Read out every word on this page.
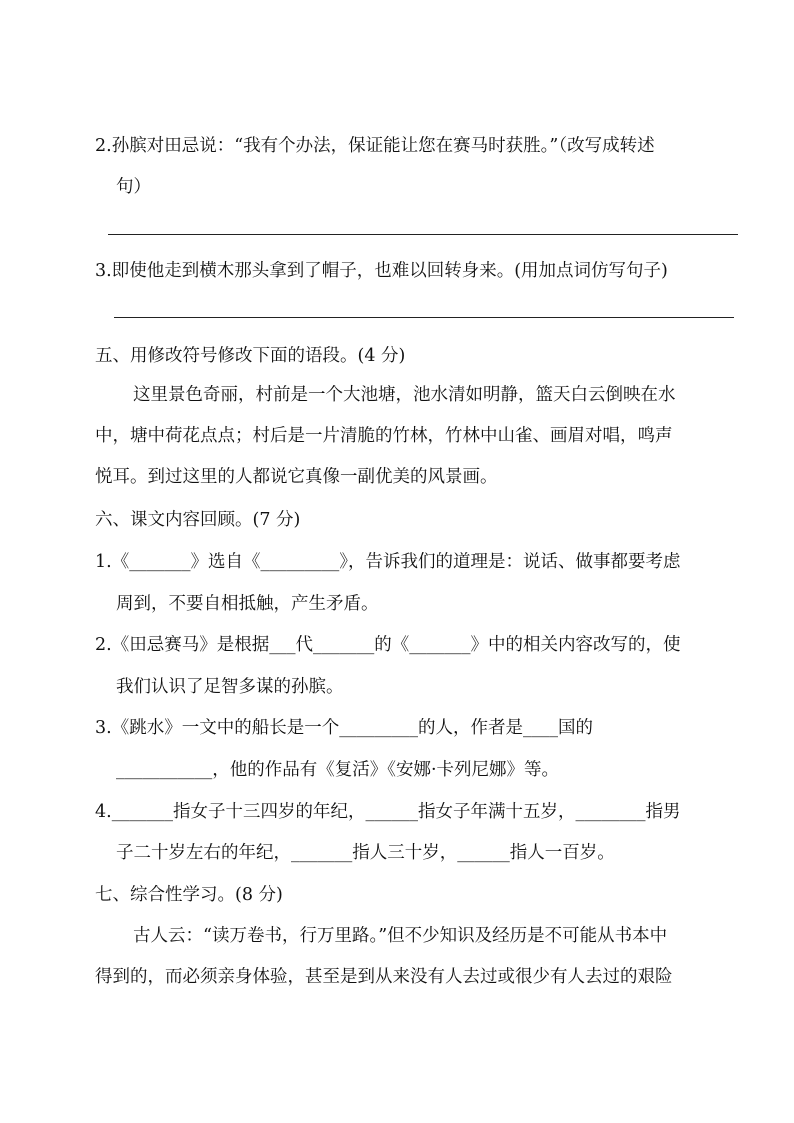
2.孙膑对田忌说：“我有个办法，保证能让您在赛马时获胜。”（改写成转述
句）
3.即使他走到横木那头拿到了帽子，也难以回转身来。(用加点词仿写句子)
五、用修改符号修改下面的语段。(4 分)
这里景色奇丽，村前是一个大池塘，池水清如明静，篮天白云倒映在水
中，塘中荷花点点；村后是一片清脆的竹林，竹林中山雀、画眉对唱，鸣声
悦耳。到过这里的人都说它真像一副优美的风景画。
六、课文内容回顾。(7 分)
1.《_______》选自《_________》，告诉我们的道理是：说话、做事都要考虑
周到，不要自相抵触，产生矛盾。
2.《田忌赛马》是根据___代_______的《_______》中的相关内容改写的，使
我们认识了足智多谋的孙膑。
3.《跳水》一文中的船长是一个_________的人，作者是____国的
___________，他的作品有《复活》《安娜·卡列尼娜》等。
4._______指女子十三四岁的年纪，______指女子年满十五岁，________指男
子二十岁左右的年纪，_______指人三十岁，______指人一百岁。
七、综合性学习。(8 分)
古人云：“读万卷书，行万里路。”但不少知识及经历是不可能从书本中
得到的，而必须亲身体验，甚至是到从来没有人去过或很少有人去过的艰险
